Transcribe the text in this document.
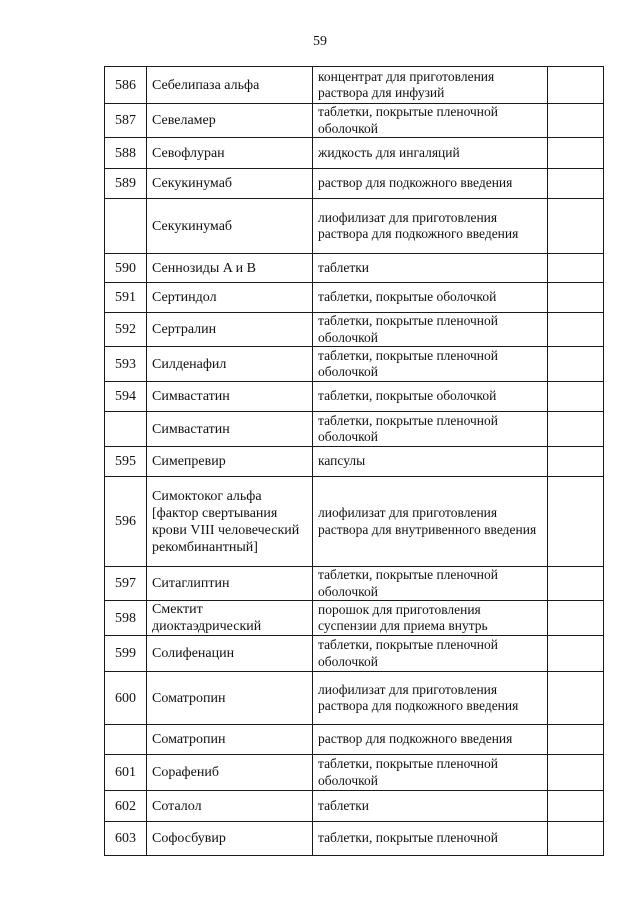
59
586	Себелипаза альфа	концентрат для приготовления раствора для инфузий	
587	Севеламер	таблетки, покрытые пленочной оболочкой	
588	Севофлуран	жидкость для ингаляций	
589	Секукинумаб	раствор для подкожного введения	
	Секукинумаб	лиофилизат для приготовления раствора для подкожного введения	
590	Сеннозиды A и B	таблетки	
591	Сертиндол	таблетки, покрытые оболочкой	
592	Сертралин	таблетки, покрытые пленочной оболочкой	
593	Силденафил	таблетки, покрытые пленочной оболочкой	
594	Симвастатин	таблетки, покрытые оболочкой	
	Симвастатин	таблетки, покрытые пленочной оболочкой	
595	Симепревир	капсулы	
596	Симоктоког альфа [фактор свертывания крови VIII человеческий рекомбинантный]	лиофилизат для приготовления раствора для внутривенного введения	
597	Ситаглиптин	таблетки, покрытые пленочной оболочкой	
598	Смектит диоктаэдрический	порошок для приготовления суспензии для приема внутрь	
599	Солифенацин	таблетки, покрытые пленочной оболочкой	
600	Соматропин	лиофилизат для приготовления раствора для подкожного введения	
	Соматропин	раствор для подкожного введения	
601	Сорафениб	таблетки, покрытые пленочной оболочкой	
602	Соталол	таблетки	
603	Софосбувир	таблетки, покрытые пленочной	
